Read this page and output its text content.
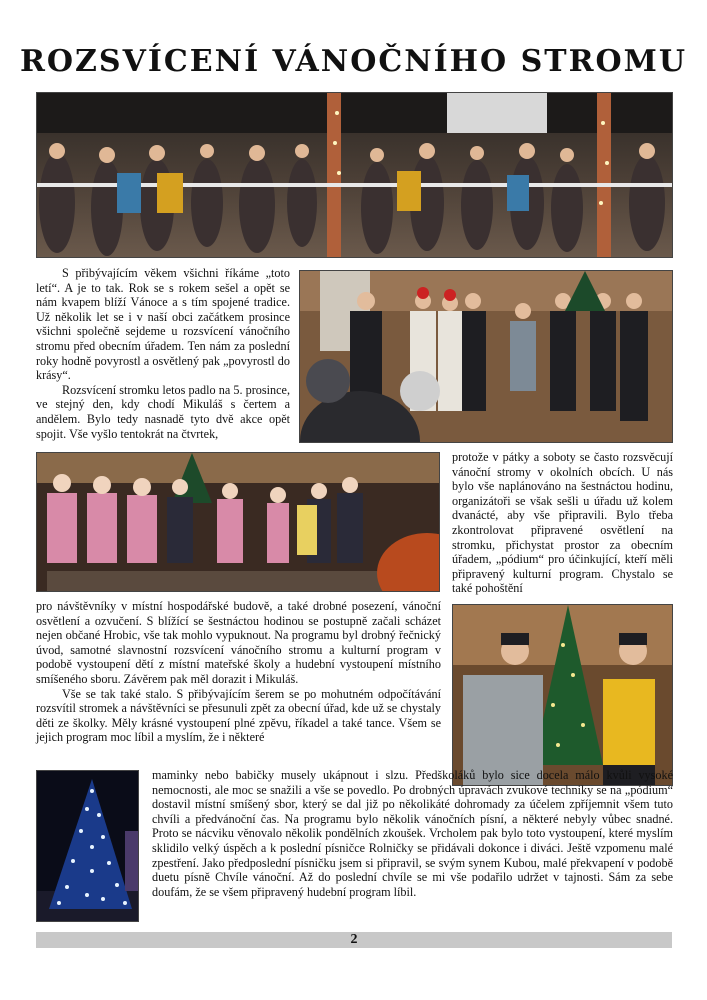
ROZSVÍCENÍ VÁNOČNÍHO STROMU

S přibývajícím věkem všichni říkáme „toto letí“. A je to tak. Rok se s rokem sešel a opět se nám kvapem blíží Vánoce a s tím spojené tradice. Už několik let se i v naší obci začátkem prosince všichni společně sejdeme u rozsvícení vánočního stromu před obecním úřadem. Ten nám za poslední roky hodně povyrostl a osvětlený pak „povyrostl do krásy“.

Rozsvícení stromku letos padlo na 5. prosince, ve stejný den, kdy chodí Mikuláš s čertem a andělem. Bylo tedy nasnadě tyto dvě akce opět spojit. Vše vyšlo tentokrát na čtvrtek,

protože v pátky a soboty se často rozsvěcují vánoční stromy v okolních obcích. U nás bylo vše naplánováno na šestnáctou hodinu, organizátoři se však sešli u úřadu už kolem dvanácté, aby vše připravili. Bylo třeba zkontrolovat připravené osvětlení na stromku, přichystat prostor za obecním úřadem, „pódium“ pro účinkující, kteří měli připravený kulturní program. Chystalo se také pohoštění

pro návštěvníky v místní hospodářské budově, a také drobné posezení, vánoční osvětlení a ozvučení. S blížící se šestnáctou hodinou se postupně začali scházet nejen občané Hrobic, vše tak mohlo vypuknout. Na programu byl drobný řečnický úvod, samotné slavnostní rozsvícení vánočního stromu a kulturní program v podobě vystoupení dětí z místní mateřské školy a hudební vystoupení místního smíšeného sboru. Závěrem pak měl dorazit i Mikuláš.

Vše se tak také stalo. S přibývajícím šerem se po mohutném odpočítávání rozsvítil stromek a návštěvníci se přesunuli zpět za obecní úřad, kde už se chystaly děti ze školky. Měly krásné vystoupení plné zpěvu, říkadel a také tance. Všem se jejich program moc líbil a myslím, že i některé

maminky nebo babičky musely ukápnout i slzu. Předškoláků bylo sice docela málo kvůli vysoké nemocnosti, ale moc se snažili a vše se povedlo. Po drobných úpravách zvukové techniky se na „pódium“ dostavil místní smíšený sbor, který se dal již po několikáté dohromady za účelem zpříjemnit všem tuto chvíli a předvánoční čas. Na programu bylo několik vánočních písní, a některé nebyly vůbec snadné. Proto se nácviku věnovalo několik pondělních zkoušek. Vrcholem pak bylo toto vystoupení, které myslím sklidilo velký úspěch a k poslední písničce Rolničky se přidávali dokonce i diváci. Ještě vzpomenu malé zpestření. Jako předposlední písničku jsem si připravil, se svým synem Kubou, malé překvapení v podobě duetu písně Chvíle vánoční. Až do poslední chvíle se mi vše podařilo udržet v tajnosti. Sám za sebe doufám, že se všem připravený hudební program líbil.

2
